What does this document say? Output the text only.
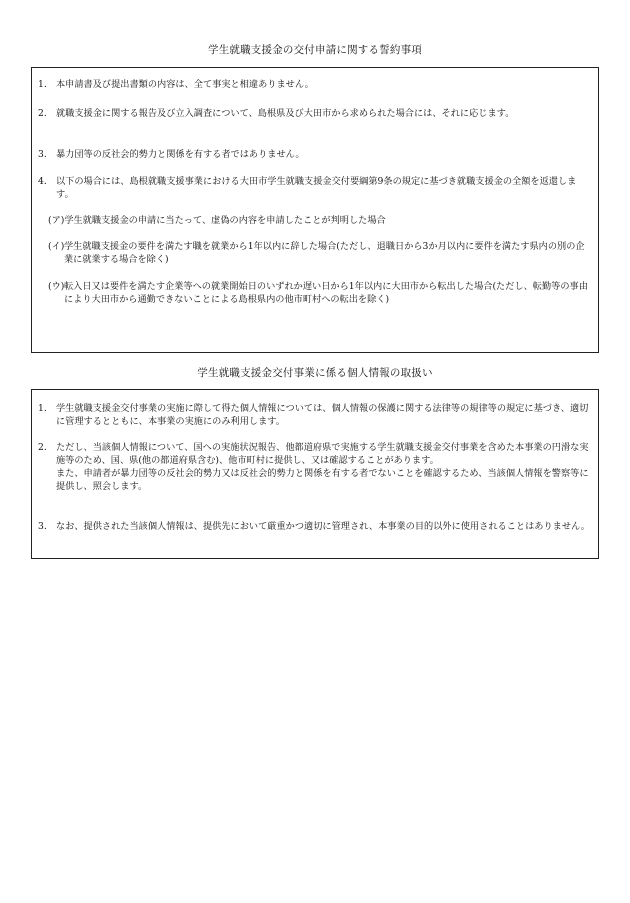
学生就職支援金の交付申請に関する誓約事項
1.	本申請書及び提出書類の内容は、全て事実と相違ありません。
2.	就職支援金に関する報告及び立入調査について、島根県及び大田市から求められた場合には、それに応じます。
3.	暴力団等の反社会的勢力と関係を有する者ではありません。
4.	以下の場合には、島根就職支援事業における大田市学生就職支援金交付要綱第9条の規定に基づき就職支援金の全額を返還します。
(ア)学生就職支援金の申請に当たって、虚偽の内容を申請したことが判明した場合
(イ) 学生就職支援金の要件を満たす職を就業から1年以内に辞した場合(ただし、退職日から3か月以内に要件を満たす県内の別の企業に就業する場合を除く)
(ウ) 転入日又は要件を満たす企業等への就業開始日のいずれか遅い日から1年以内に大田市から転出した場合(ただし、転勤等の事由により大田市から通勤できないことによる島根県内の他市町村への転出を除く)
学生就職支援金交付事業に係る個人情報の取扱い
1.	学生就職支援金交付事業の実施に際して得た個人情報については、個人情報の保護に関する法律等の規律等の規定に基づき、適切に管理するとともに、本事業の実施にのみ利用します。
2.	ただし、当該個人情報について、国への実施状況報告、他都道府県で実施する学生就職支援金交付事業を含めた本事業の円滑な実施等のため、国、県(他の都道府県含む)、他市町村に提供し、又は確認することがあります。
また、申請者が暴力団等の反社会的勢力又は反社会的勢力と関係を有する者でないことを確認するため、当該個人情報を警察等に提供し、照会します。
3.	なお、提供された当該個人情報は、提供先において厳重かつ適切に管理され、本事業の目的以外に使用されることはありません。
